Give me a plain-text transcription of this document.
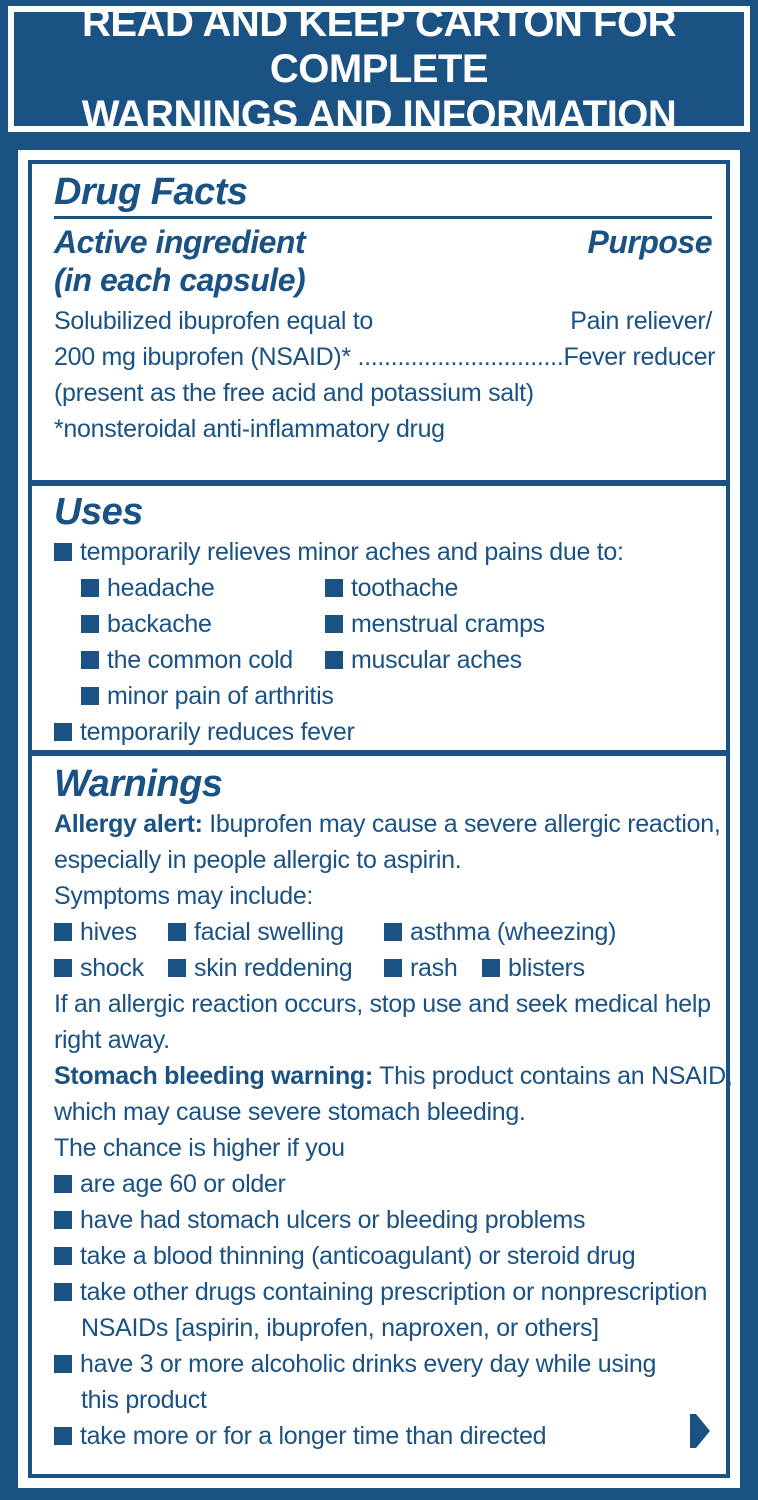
READ AND KEEP CARTON FOR COMPLETE
WARNINGS AND INFORMATION
Drug Facts
Active ingredient	Purpose
(in each capsule)
Solubilized ibuprofen equal to	Pain reliever/
200 mg ibuprofen (NSAID)* ............................... Fever reducer
(present as the free acid and potassium salt)
*nonsteroidal anti-inflammatory drug
Uses
temporarily relieves minor aches and pains due to:
headache	toothache
backache	menstrual cramps
the common cold	muscular aches
minor pain of arthritis
temporarily reduces fever
Warnings
Allergy alert: Ibuprofen may cause a severe allergic reaction,
especially in people allergic to aspirin.
Symptoms may include:
hives facial swelling	asthma (wheezing)
shock skin reddening rash blisters
If an allergic reaction occurs, stop use and seek medical help
right away.
Stomach bleeding warning: This product contains an NSAID,
which may cause severe stomach bleeding.
The chance is higher if you
are age 60 or older
have had stomach ulcers or bleeding problems
take a blood thinning (anticoagulant) or steroid drug
take other drugs containing prescription or nonprescription
NSAIDs [aspirin, ibuprofen, naproxen, or others]
have 3 or more alcoholic drinks every day while using
this product
take more or for a longer time than directed
